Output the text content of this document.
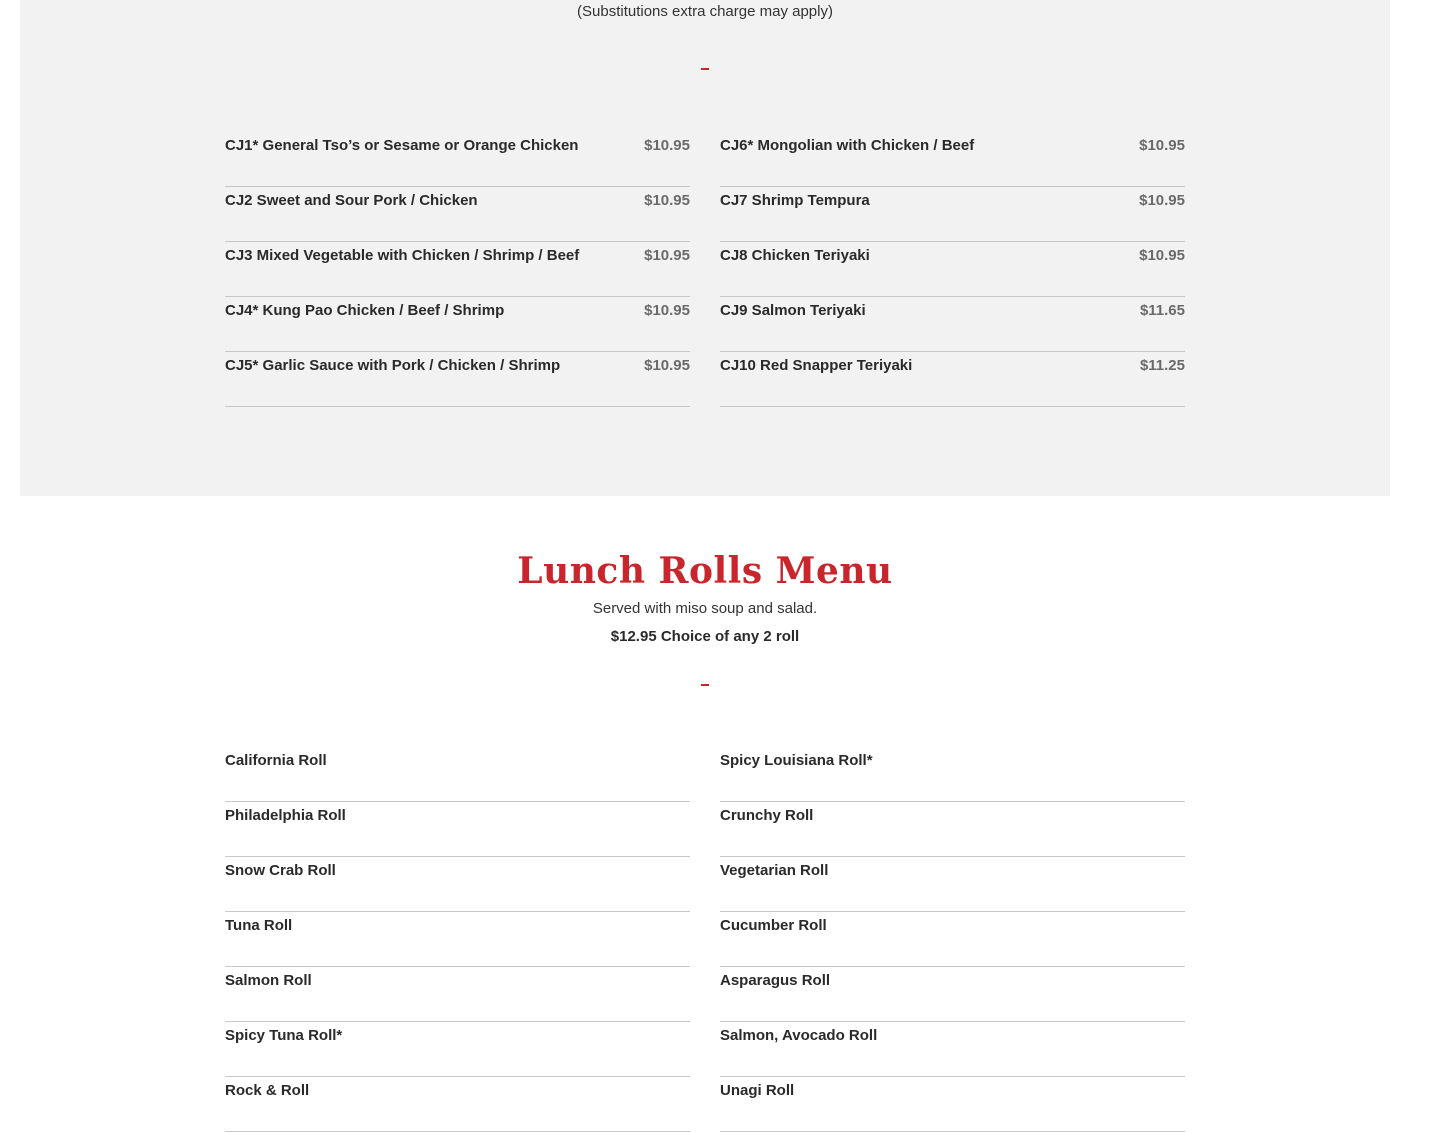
(Substitutions extra charge may apply)
CJ1* General Tso’s or Sesame or Orange Chicken	$10.95
CJ2 Sweet and Sour Pork / Chicken	$10.95
CJ3 Mixed Vegetable with Chicken / Shrimp / Beef	$10.95
CJ4* Kung Pao Chicken / Beef / Shrimp	$10.95
CJ5* Garlic Sauce with Pork / Chicken / Shrimp	$10.95
CJ6* Mongolian with Chicken / Beef	$10.95
CJ7 Shrimp Tempura	$10.95
CJ8 Chicken Teriyaki	$10.95
CJ9 Salmon Teriyaki	$11.65
CJ10 Red Snapper Teriyaki	$11.25
Lunch Rolls Menu
Served with miso soup and salad.
$12.95 Choice of any 2 roll
California Roll
Philadelphia Roll
Snow Crab Roll
Tuna Roll
Salmon Roll
Spicy Tuna Roll*
Rock & Roll
Spicy Louisiana Roll*
Crunchy Roll
Vegetarian Roll
Cucumber Roll
Asparagus Roll
Salmon, Avocado Roll
Unagi Roll
